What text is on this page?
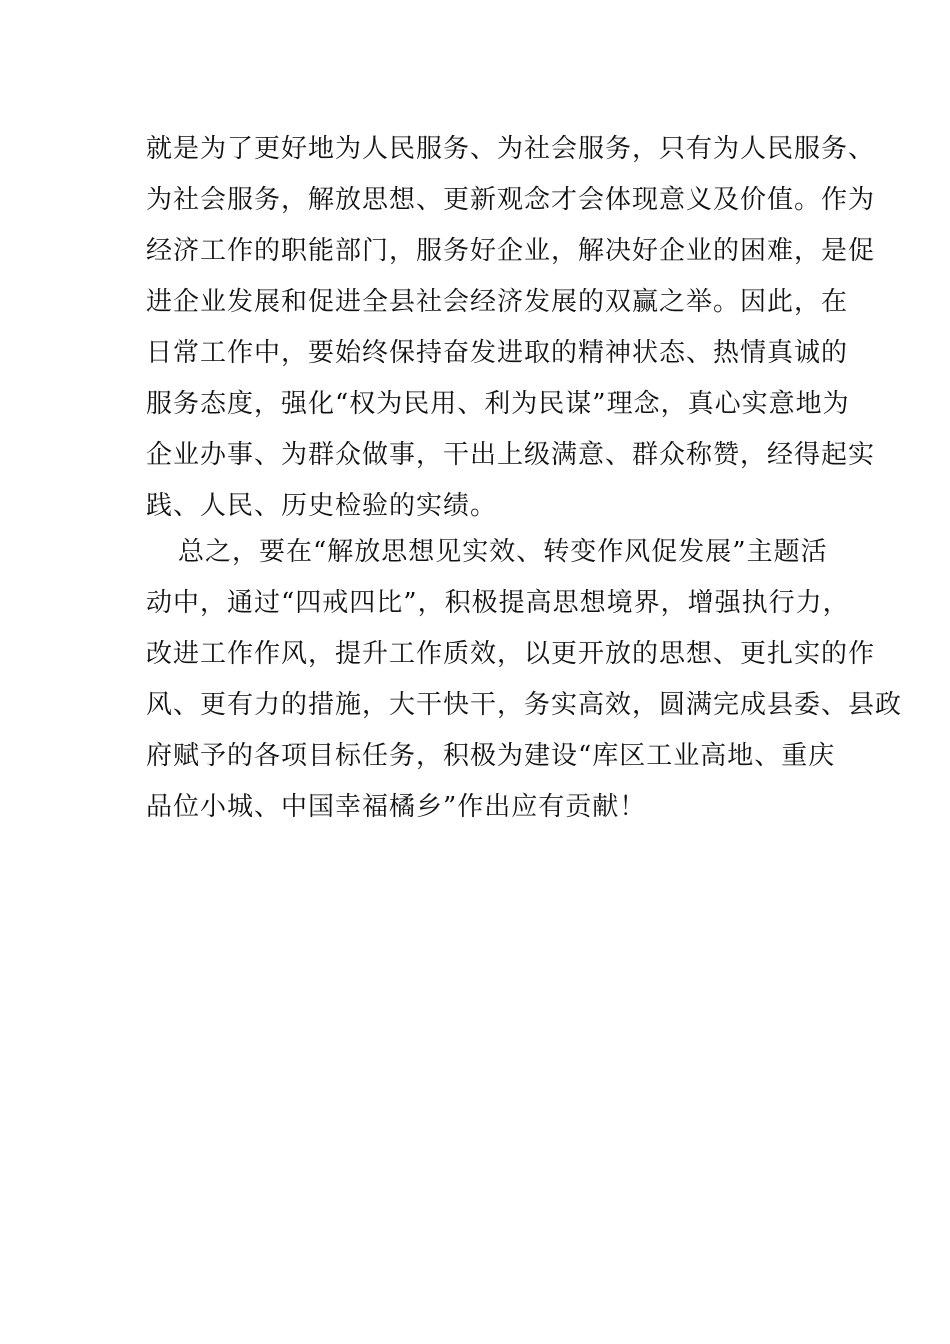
就是为了更好地为人民服务、为社会服务，只有为人民服务、
为社会服务，解放思想、更新观念才会体现意义及价值。作为
经济工作的职能部门，服务好企业，解决好企业的困难，是促
进企业发展和促进全县社会经济发展的双赢之举。因此，在
日常工作中，要始终保持奋发进取的精神状态、热情真诚的
服务态度，强化“权为民用、利为民谋”理念，真心实意地为
企业办事、为群众做事，干出上级满意、群众称赞，经得起实
践、人民、历史检验的实绩。
总之，要在“解放思想见实效、转变作风促发展”主题活
动中，通过“四戒四比”，积极提高思想境界，增强执行力，
改进工作作风，提升工作质效，以更开放的思想、更扎实的作
风、更有力的措施，大干快干，务实高效，圆满完成县委、县政
府赋予的各项目标任务，积极为建设“库区工业高地、重庆
品位小城、中国幸福橘乡”作出应有贡献！
